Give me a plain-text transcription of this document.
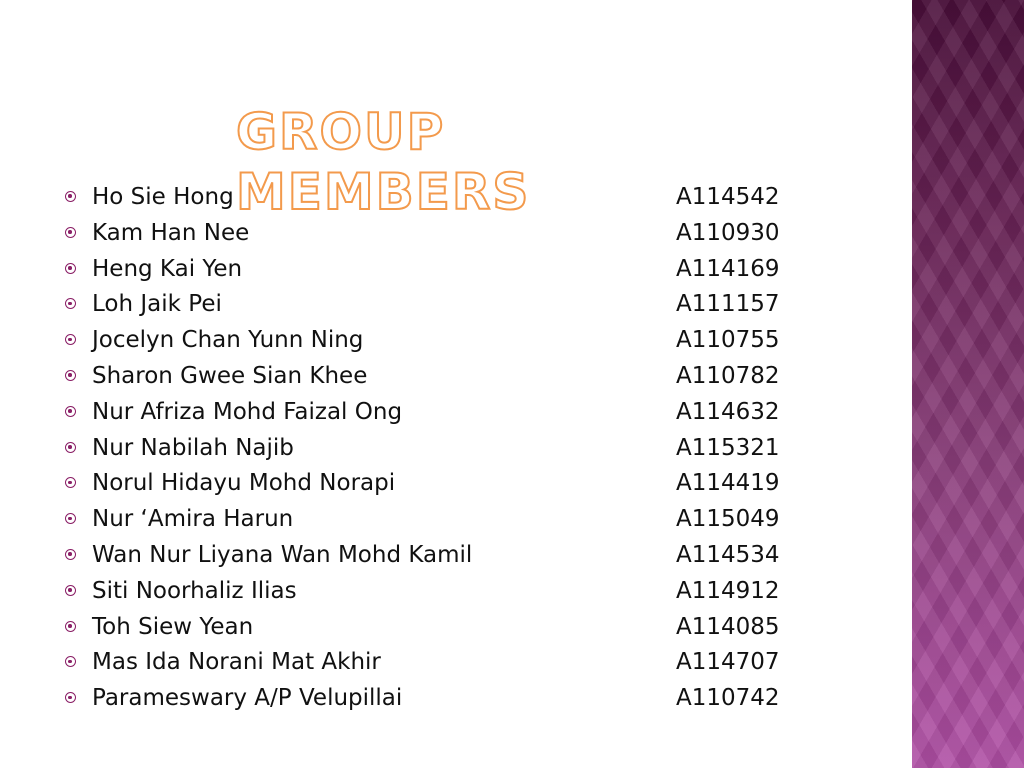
GROUP MEMBERS
Ho Sie Hong	A114542
Kam Han Nee	A110930
Heng Kai Yen	A114169
Loh Jaik Pei	A111157
Jocelyn Chan Yunn Ning	A110755
Sharon Gwee Sian Khee	A110782
Nur Afriza Mohd Faizal Ong	A114632
Nur Nabilah Najib	A115321
Norul Hidayu Mohd Norapi	A114419
Nur ‘Amira Harun	A115049
Wan Nur Liyana Wan Mohd Kamil	A114534
Siti Noorhaliz Ilias	A114912
Toh Siew Yean	A114085
Mas Ida Norani Mat Akhir	A114707
Parameswary A/P Velupillai	A110742
